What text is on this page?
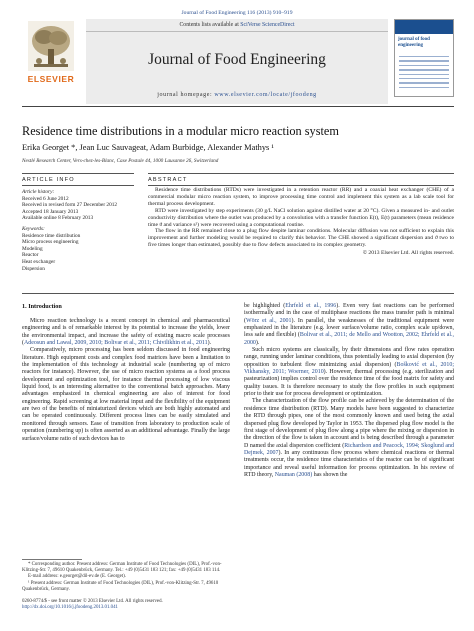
Journal of Food Engineering 116 (2013) 910–919
ELSEVIER
Contents lists available at SciVerse ScienceDirect
Journal of Food Engineering
journal homepage: www.elsevier.com/locate/jfoodeng
journal of food engineering
Residence time distributions in a modular micro reaction system
Erika Georget *, Jean Luc Sauvageat, Adam Burbidge, Alexander Mathys ¹
Nestlé Research Center, Vers-chez-les-Blanc, Case Postale 44, 1000 Lausanne 26, Switzerland
ARTICLE INFO	ABSTRACT
Article history:
Received 6 June 2012
Received in revised form 27 December 2012
Accepted 18 January 2013
Available online 8 February 2013
Keywords:
Residence time distribution
Micro process engineering
Modeling
Reactor
Heat exchanger
Dispersion

Residence time distributions (RTDs) were investigated in a retention reactor (RR) and a coaxial heat exchanger (CHE) of a commercial modular micro reaction system, to improve processing time control and implement this system as a lab scale tool for thermal process development.

RTD were investigated by step experiments (30 g/L NaCl solution against distilled water at 20 °C). Given a measured in- and outlet conductivity distribution where the outlet was produced by a convolution with a transfer function E(t), E(t) parameters (mean residence time ϑ and variance s²) were recovered using a computational routine.

The flow in the RR remained close to a plug flow despite laminar conditions. Molecular diffusion was not sufficient to explain this improvement and further modeling would be required to clarify this behavior. The CHE showed a significant dispersion and ϑ two to five times longer than estimated, possibly due to flow defects associated to its complex geometry.

© 2013 Elsevier Ltd. All rights reserved.

1. Introduction

Micro reaction technology is a recent concept in chemical and pharmaceutical engineering and is of remarkable interest by its potential to increase the yields, lower the environmental impact, and increase the safety of existing macro scale processes (Adeosun and Lawal, 2009, 2010; Bolivar et al., 2011; Chivilikhin et al., 2011).

Comparatively, micro processing has been seldom discussed in food engineering literature. High equipment costs and complex food matrices have been a limitation to the implementation of this technology at industrial scale (numbering up of micro reactors for instance). However, the use of micro reaction systems as a food process development and optimization tool, for instance thermal processing of low viscous liquid food, is an interesting alternative to the conventional batch approaches. Many advantages emphasized in chemical engineering are also of interest for food engineering. Rapid screening at low material input and the flexibility of the equipment are two of the benefits of miniaturized devices which are both highly automated and can be operated continuously. Different process lines can be easily simulated and monitored through sensors. Ease of transition from laboratory to production scale of operation (numbering up) is often asserted as an additional advantage. Finally the large surface/volume ratio of such devices has to

be highlighted (Ehrfeld et al., 1996). Even very fast reactions can be performed isothermally and in the case of multiphase reactions the mass transfer path is minimal (Wörz et al., 2001). In parallel, the weaknesses of the traditional equipment were emphasized in the literature (e.g. lower surface/volume ratio, complex scale up/down, less safe and flexible) (Bolivar et al., 2011; de Mello and Wootton, 2002; Ehrfeld et al., 2000).

Such micro systems are classically, by their dimensions and flow rates operation range, running under laminar conditions, thus potentially leading to axial dispersion (by opposition to turbulent flow minimizing axial dispersion) (Bošković et al., 2010; Vikhansky, 2011; Woerner, 2010). However, thermal processing (e.g. sterilization and pasteurization) implies control over the residence time of the food matrix for safety and quality issues. It is therefore necessary to study the flow profiles in such equipment prior to their use for process development or optimization.

The characterization of the flow profile can be achieved by the determination of the residence time distribution (RTD). Many models have been suggested to characterize the RTD through pipes, one of the most commonly known and used being the axial dispersed plug flow developed by Taylor in 1953. The dispersed plug flow model is the first stage of development of plug flow along a pipe where the mixing or dispersion in the direction of the flow is taken in account and is being described through a parameter D named the axial dispersion coefficient (Richardson and Peacock, 1994; Skoglund and Dejmek, 2007). In any continuous flow process where chemical reactions or thermal treatments occur, the residence time characteristics of the reactor can be of significant importance and reveal useful information for process optimization. In his review of RTD theory, Nauman (2008) has shown the

* Corresponding author. Present address: German Institute of Food Technologies (DIL), Prof.-von-Klitzing-Str. 7, 49610 Quakenbrück, Germany. Tel.: +49 (0)5431 183 121; fax: +49 (0)5431 183 114.
E-mail address: e.georget@dil-ev.de (E. Georget).
¹ Present address: German Institute of Food Technologies (DIL), Prof.-von-Klitzing-Str. 7, 49610 Quakenbrück, Germany.
0260-8774/$ - see front matter © 2013 Elsevier Ltd. All rights reserved.
http://dx.doi.org/10.1016/j.jfoodeng.2013.01.041
